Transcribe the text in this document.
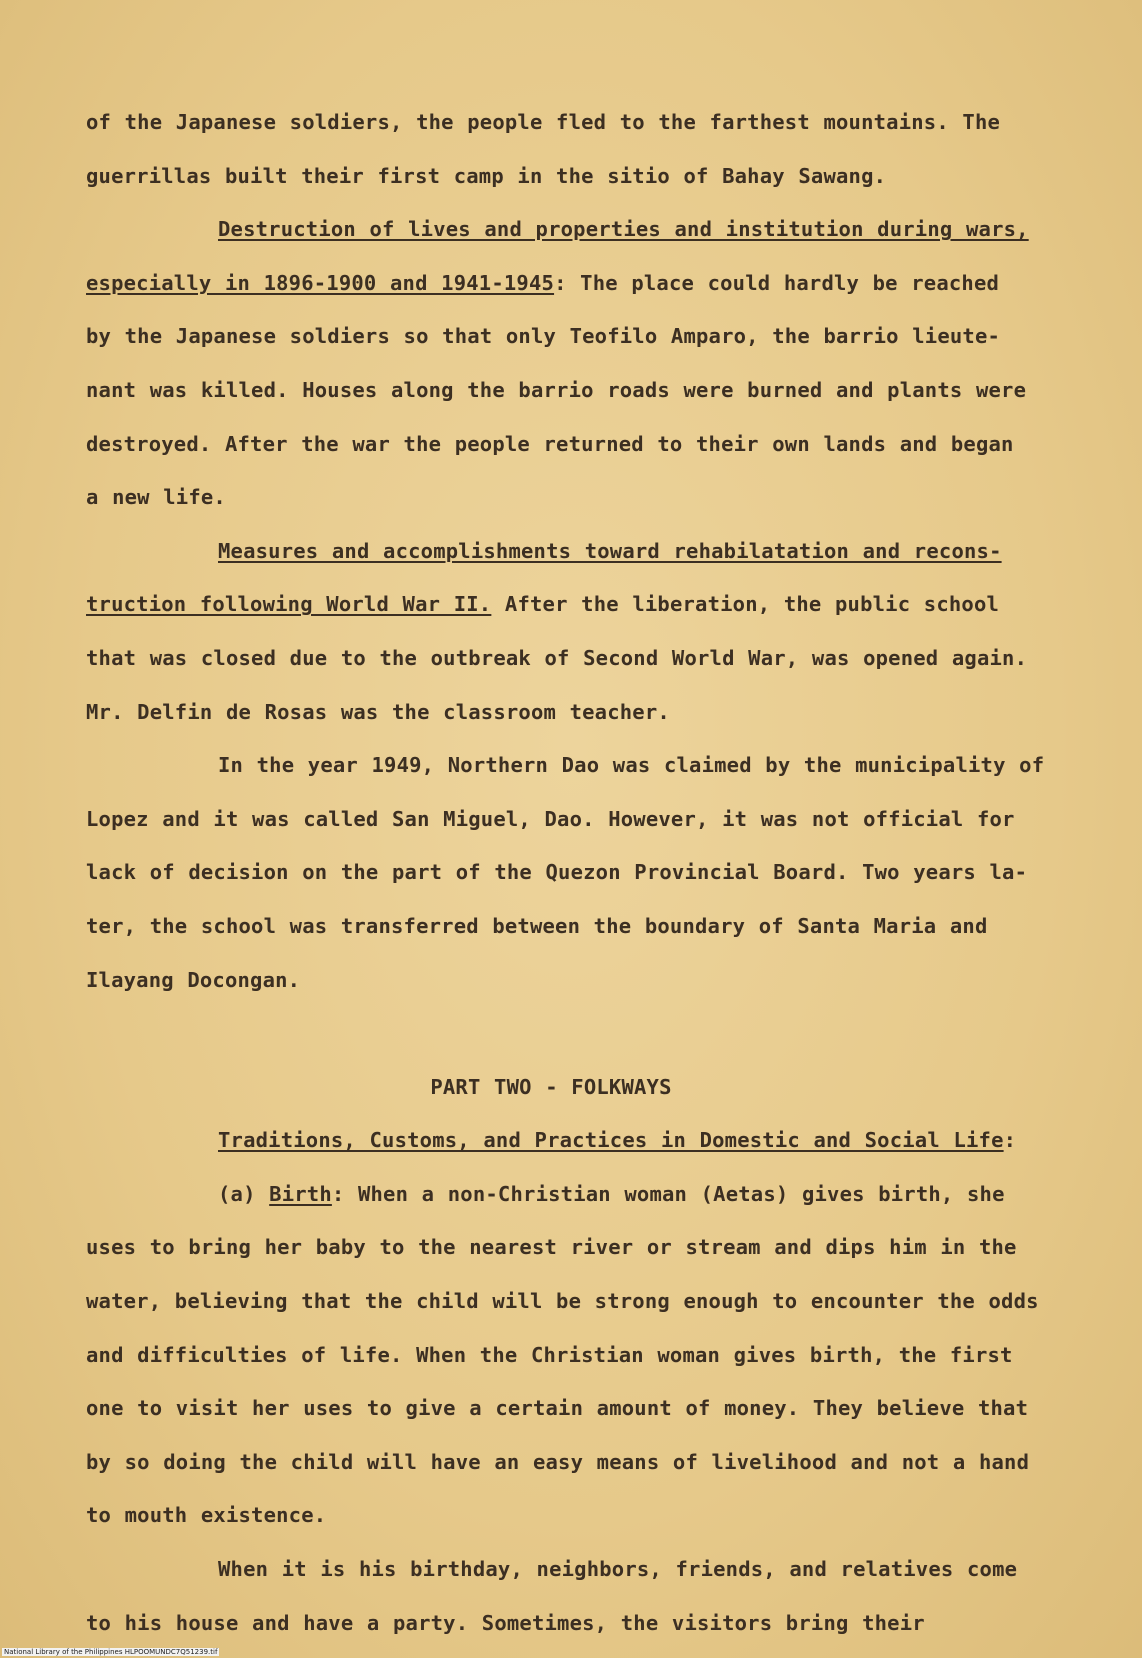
of the Japanese soldiers, the people fled to the farthest mountains. The
guerrillas built their first camp in the sitio of Bahay Sawang.
Destruction of lives and properties and institution during wars,
especially in 1896-1900 and 1941-1945: The place could hardly be reached
by the Japanese soldiers so that only Teofilo Amparo, the barrio lieute-
nant was killed. Houses along the barrio roads were burned and plants were
destroyed. After the war the people returned to their own lands and began
a new life.
Measures and accomplishments toward rehabilatation and recons-
truction following World War II. After the liberation, the public school
that was closed due to the outbreak of Second World War, was opened again.
Mr. Delfin de Rosas was the classroom teacher.
In the year 1949, Northern Dao was claimed by the municipality of
Lopez and it was called San Miguel, Dao. However, it was not official for
lack of decision on the part of the Quezon Provincial Board. Two years la-
ter, the school was transferred between the boundary of Santa Maria and
Ilayang Docongan.
PART TWO - FOLKWAYS
Traditions, Customs, and Practices in Domestic and Social Life:
(a) Birth: When a non-Christian woman (Aetas) gives birth, she
uses to bring her baby to the nearest river or stream and dips him in the
water, believing that the child will be strong enough to encounter the odds
and difficulties of life. When the Christian woman gives birth, the first
one to visit her uses to give a certain amount of money. They believe that
by so doing the child will have an easy means of livelihood and not a hand
to mouth existence.
When it is his birthday, neighbors, friends, and relatives come
to his house and have a party. Sometimes, the visitors bring their
National Library of the Philippines HLPOOMUNDC7Q51239.tif
